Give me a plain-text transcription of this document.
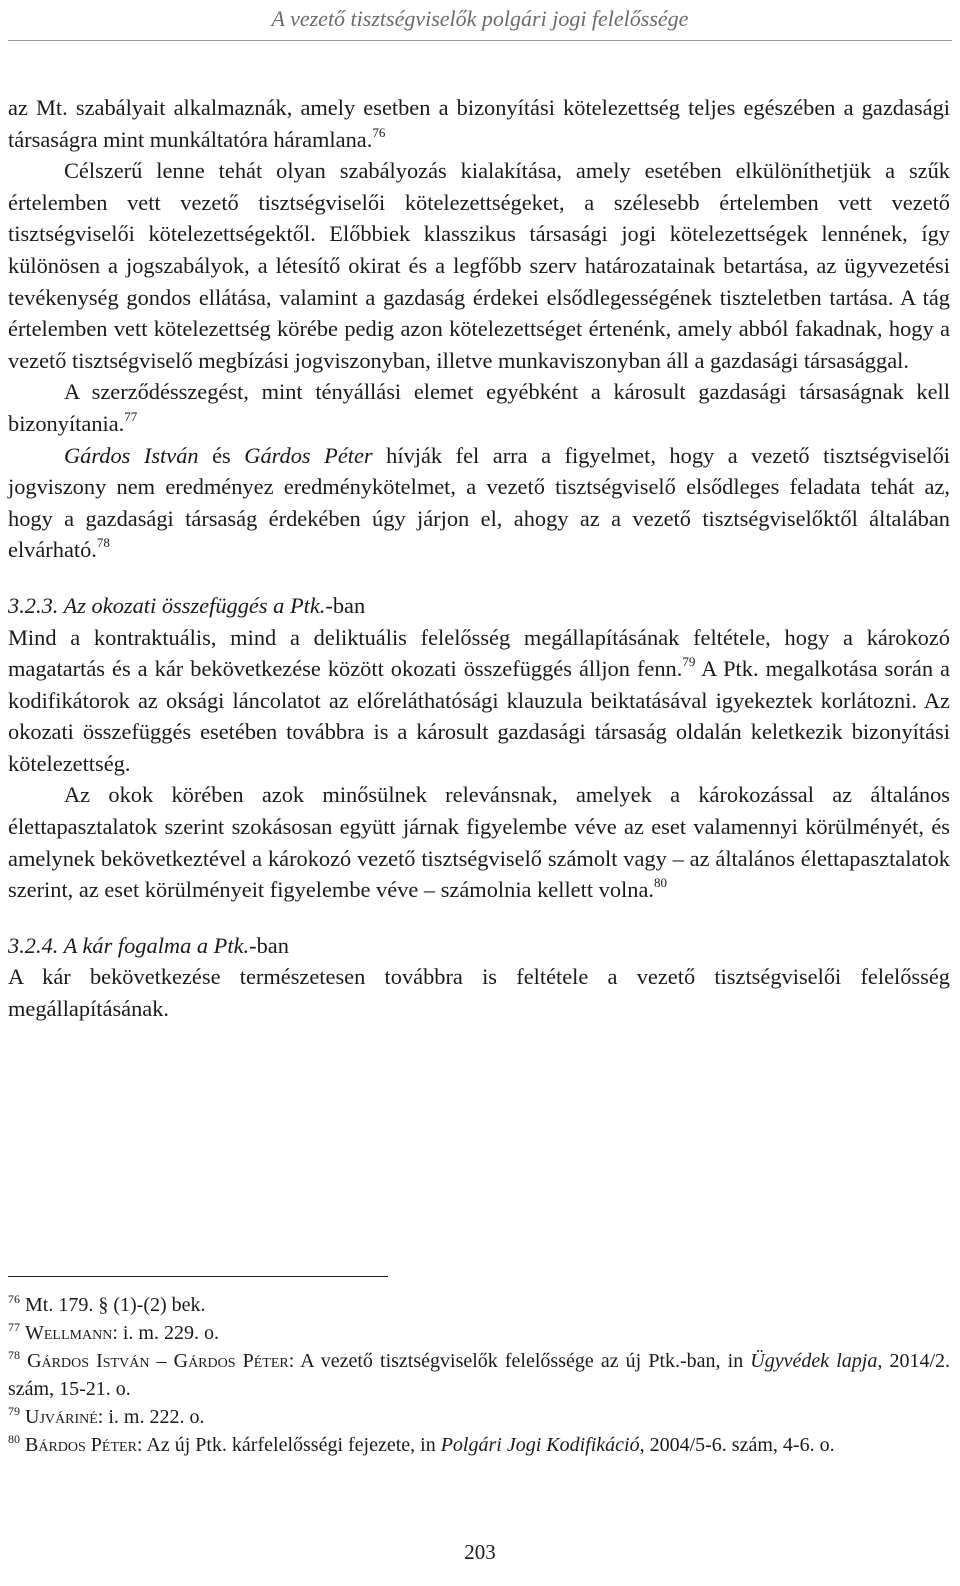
A vezető tisztségviselők polgári jogi felelőssége

az Mt. szabályait alkalmaznák, amely esetben a bizonyítási kötelezettség teljes egészében a gazdasági társaságra mint munkáltatóra háramlana.$^{76}$

Célszerű lenne tehát olyan szabályozás kialakítása, amely esetében elkülöníthetjük a szűk értelemben vett vezető tisztségviselői kötelezettségeket, a szélesebb értelemben vett vezető tisztségviselői kötelezettségektől. Előbbiek klasszikus társasági jogi kötelezettségek lennének, így különösen a jogszabályok, a létesítő okirat és a legfőbb szerv határozatainak betartása, az ügyvezetési tevékenység gondos ellátása, valamint a gazdaság érdekei elsődlegességének tiszteletben tartása. A tág értelemben vett kötelezettség körébe pedig azon kötelezettséget értenénk, amely abból fakadnak, hogy a vezető tisztségviselő megbízási jogviszonyban, illetve munkaviszonyban áll a gazdasági társasággal.

A szerződésszegést, mint tényállási elemet egyébként a károsult gazdasági társaságnak kell bizonyítania.$^{77}$

Gárdos István és Gárdos Péter hívják fel arra a figyelmet, hogy a vezető tisztségviselői jogviszony nem eredményez eredménykötelmet, a vezető tisztségviselő elsődleges feladata tehát az, hogy a gazdasági társaság érdekében úgy járjon el, ahogy az a vezető tisztségviselőktől általában elvárható.$^{78}$

3.2.3. Az okozati összefüggés a Ptk.-ban

Mind a kontraktuális, mind a deliktuális felelősség megállapításának feltétele, hogy a károkozó magatartás és a kár bekövetkezése között okozati összefüggés álljon fenn.$^{79}$ A Ptk. megalkotása során a kodifikátorok az oksági láncolatot az előreláthatósági klauzula beiktatásával igyekeztek korlátozni. Az okozati összefüggés esetében továbbra is a károsult gazdasági társaság oldalán keletkezik bizonyítási kötelezettség.

Az okok körében azok minősülnek relevánsnak, amelyek a károkozással az általános élettapasztalatok szerint szokásosan együtt járnak figyelembe véve az eset valamennyi körülményét, és amelynek bekövetkeztével a károkozó vezető tisztségviselő számolt vagy – az általános élettapasztalatok szerint, az eset körülményeit figyelembe véve – számolnia kellett volna.$^{80}$

3.2.4. A kár fogalma a Ptk.-ban

A kár bekövetkezése természetesen továbbra is feltétele a vezető tisztségviselői felelősség megállapításának.

$^{76}$ Mt. 179. § (1)-(2) bek.

$^{77}$ Wellmann: i. m. 229. o.

$^{78}$ Gárdos István – Gárdos Péter: A vezető tisztségviselők felelőssége az új Ptk.-ban, in Ügyvédek lapja, 2014/2. szám, 15-21. o.

$^{79}$ Ujváriné: i. m. 222. o.

$^{80}$ Bárdos Péter: Az új Ptk. kárfelelősségi fejezete, in Polgári Jogi Kodifikáció, 2004/5-6. szám, 4-6. o.

203
